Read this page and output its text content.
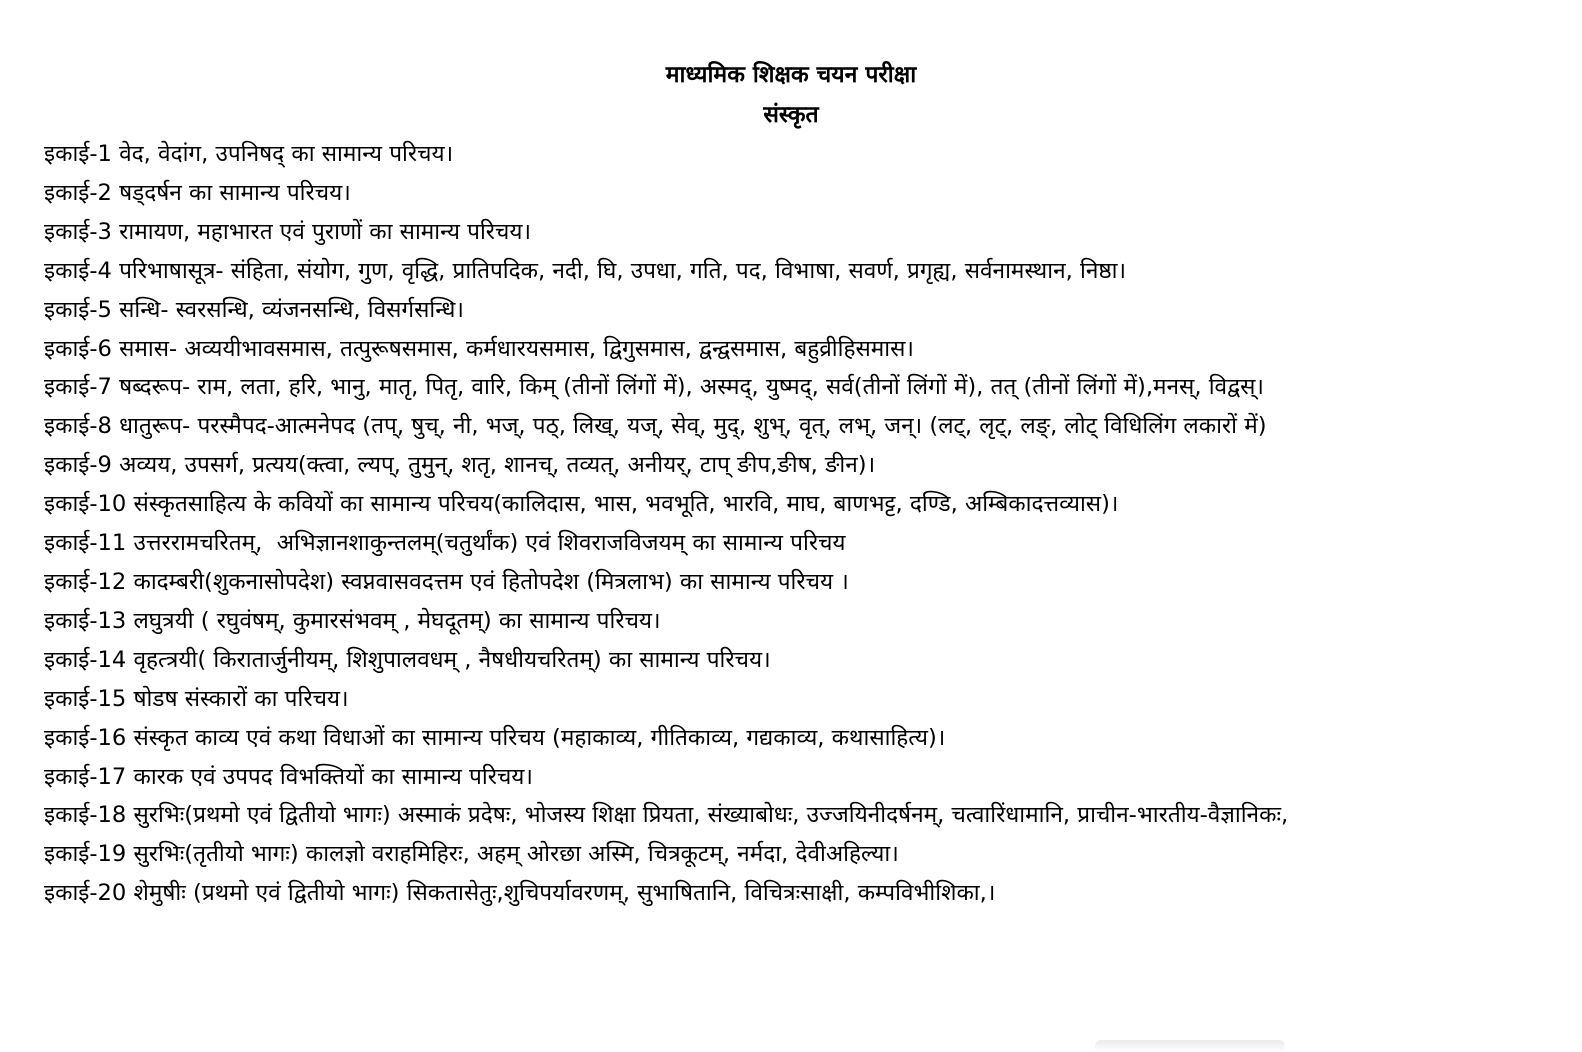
माध्यमिक शिक्षक चयन परीक्षा
संस्कृत
इकाई-1 वेद, वेदांग, उपनिषद् का सामान्य परिचय।
इकाई-2 षड्दर्षन का सामान्य परिचय।
इकाई-3 रामायण, महाभारत एवं पुराणों का सामान्य परिचय।
इकाई-4 परिभाषासूत्र- संहिता, संयोग, गुण, वृद्धि, प्रातिपदिक, नदी, घि, उपधा, गति, पद, विभाषा, सवर्ण, प्रगृह्य, सर्वनामस्थान, निष्ठा।
इकाई-5 सन्धि- स्वरसन्धि, व्यंजनसन्धि, विसर्गसन्धि।
इकाई-6 समास- अव्ययीभावसमास, तत्पुरूषसमास, कर्मधारयसमास, द्विगुसमास, द्वन्द्वसमास, बहुव्रीहिसमास।
इकाई-7 षब्दरूप- राम, लता, हरि, भानु, मातृ, पितृ, वारि, किम् (तीनों लिंगों में), अस्मद्, युष्मद्, सर्व(तीनों लिंगों में), तत् (तीनों लिंगों में),मनस्, विद्वस्।
इकाई-8 धातुरूप- परस्मैपद-आत्मनेपद (तप्, षुच्, नी, भज्, पठ्, लिख्, यज्, सेव्, मुद्, शुभ्, वृत्, लभ्, जन्। (लट्, लृट्, लङ्, लोट् विधिलिंग लकारों में)
इकाई-9 अव्यय, उपसर्ग, प्रत्यय(क्त्वा, ल्यप्, तुमुन्, शतृ, शानच्, तव्यत्, अनीयर्, टाप् ङीप,ङीष, ङीन)।
इकाई-10 संस्कृतसाहित्य के कवियों का सामान्य परिचय(कालिदास, भास, भवभूति, भारवि, माघ, बाणभट्ट, दण्डि, अम्बिकादत्तव्यास)।
इकाई-11 उत्तररामचरितम्,  अभिज्ञानशाकुन्तलम्(चतुर्थांक) एवं शिवराजविजयम् का सामान्य परिचय
इकाई-12 कादम्बरी(शुकनासोपदेश) स्वप्नवासवदत्तम एवं हितोपदेश (मित्रलाभ) का सामान्य परिचय ।
इकाई-13 लघुत्रयी ( रघुवंषम्, कुमारसंभवम् , मेघदूतम्) का सामान्य परिचय।
इकाई-14 वृहत्त्रयी( किरातार्जुनीयम्, शिशुपालवधम् , नैषधीयचरितम्) का सामान्य परिचय।
इकाई-15 षोडष संस्कारों का परिचय।
इकाई-16 संस्कृत काव्य एवं कथा विधाओं का सामान्य परिचय (महाकाव्य, गीतिकाव्य, गद्यकाव्य, कथासाहित्य)।
इकाई-17 कारक एवं उपपद विभक्तियों का सामान्य परिचय।
इकाई-18 सुरभिः(प्रथमो एवं द्वितीयो भागः) अस्माकं प्रदेषः, भोजस्य शिक्षा प्रियता, संख्याबोधः, उज्जयिनीदर्षनम्, चत्वारिंधामानि, प्राचीन-भारतीय-वैज्ञानिकः,
इकाई-19 सुरभिः(तृतीयो भागः) कालज्ञो वराहमिहिरः, अहम् ओरछा अस्मि, चित्रकूटम्, नर्मदा, देवीअहिल्या।
इकाई-20 शेमुषीः (प्रथमो एवं द्वितीयो भागः) सिकतासेतुः,शुचिपर्यावरणम्, सुभाषितानि, विचित्रःसाक्षी, कम्पविभीशिका,।
